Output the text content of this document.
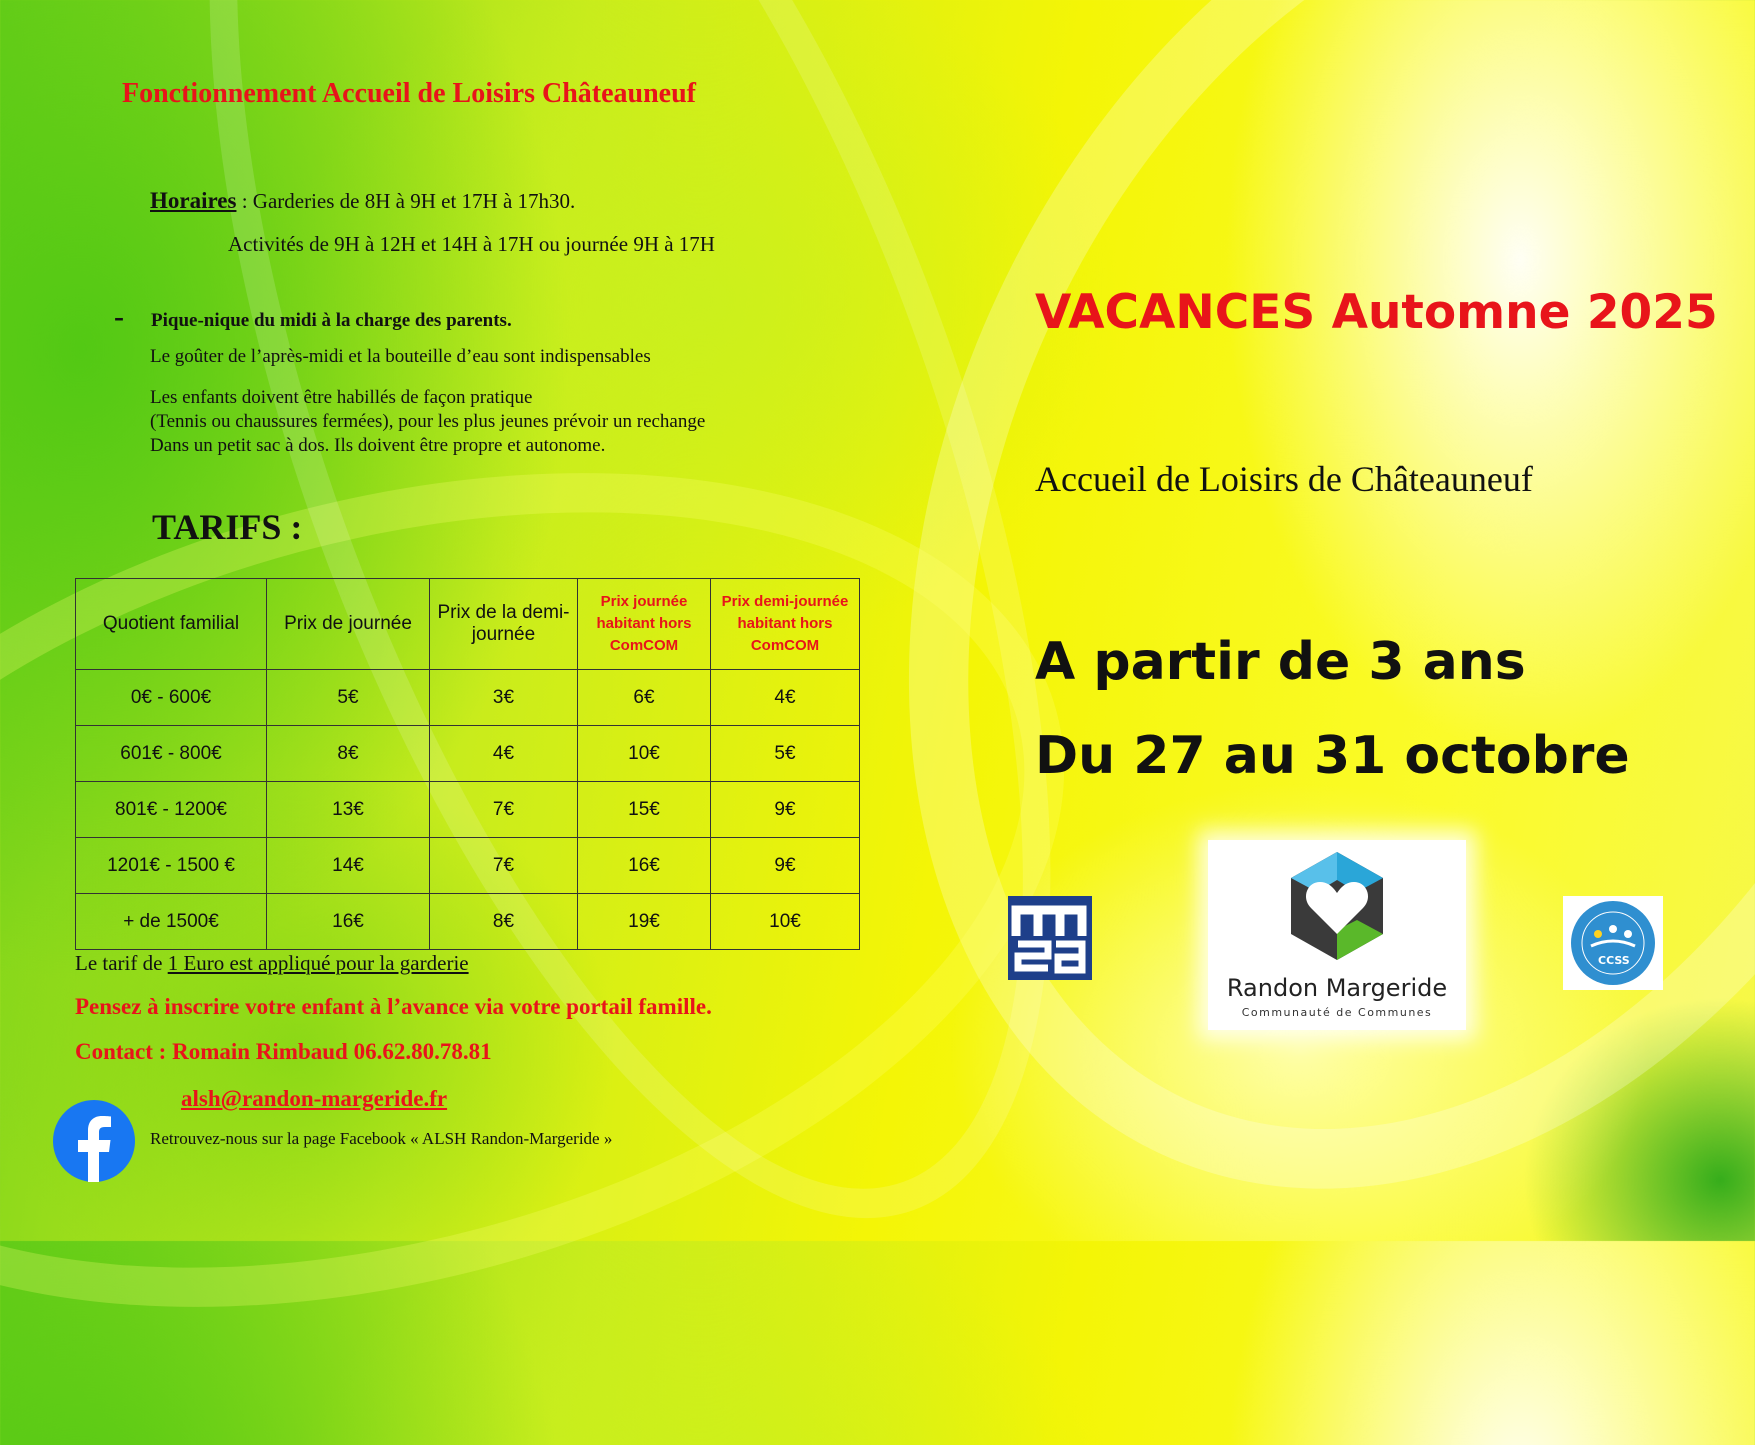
Fonctionnement Accueil de Loisirs Châteauneuf
Horaires : Garderies de 8H à 9H et 17H à 17h30.
Activités de 9H à 12H et 14H à 17H ou journée 9H à 17H
- Pique-nique du midi à la charge des parents.
Le goûter de l’après-midi et la bouteille d’eau sont indispensables
Les enfants doivent être habillés de façon pratique
(Tennis ou chaussures fermées), pour les plus jeunes prévoir un rechange
Dans un petit sac à dos. Ils doivent être propre et autonome.
TARIFS :
Quotient familial	Prix de journée	Prix de la demi-journée	Prix journée habitant hors ComCOM	Prix demi-journée habitant hors ComCOM
0€ - 600€	5€	3€	6€	4€
601€ - 800€	8€	4€	10€	5€
801€ - 1200€	13€	7€	15€	9€
1201€ - 1500 €	14€	7€	16€	9€
+ de 1500€	16€	8€	19€	10€
Le tarif de 1 Euro est appliqué pour la garderie
Pensez à inscrire votre enfant à l’avance via votre portail famille.
Contact : Romain Rimbaud 06.62.80.78.81
alsh@randon-margeride.fr
Retrouvez-nous sur la page Facebook « ALSH Randon-Margeride »
VACANCES Automne 2025
Accueil de Loisirs de Châteauneuf
A partir de 3 ans
Du 27 au 31 octobre
Randon Margeride
Communauté de Communes
CCSS
